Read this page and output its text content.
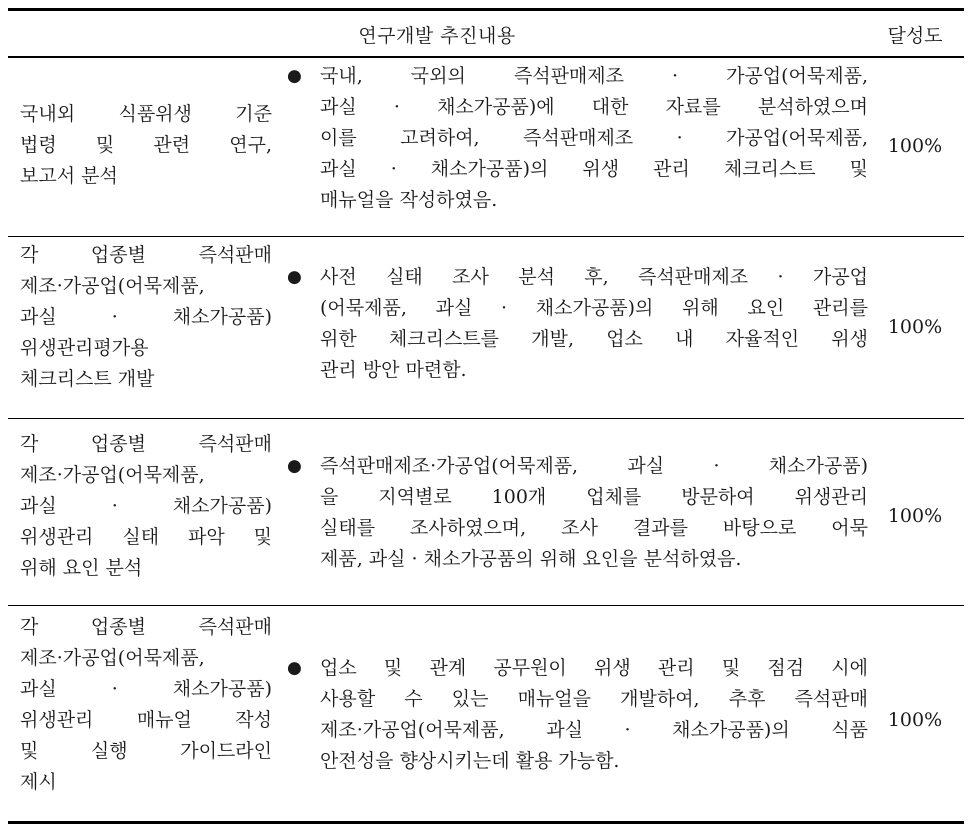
연구개발 추진내용	달성도
국내외 식품위생 기준
법령 및 관련 연구,
보고서 분석
● 국내, 국외의 즉석판매제조 · 가공업(어묵제품,
과실 · 채소가공품)에 대한 자료를 분석하였으며
이를 고려하여, 즉석판매제조 · 가공업(어묵제품,
과실 · 채소가공품)의 위생 관리 체크리스트 및
매뉴얼을 작성하였음.
100%
각 업종별 즉석판매
제조·가공업(어묵제품,
과실 · 채소가공품)
위생관리평가용
체크리스트 개발
● 사전 실태 조사 분석 후, 즉석판매제조 · 가공업
(어묵제품, 과실 · 채소가공품)의 위해 요인 관리를
위한 체크리스트를 개발, 업소 내 자율적인 위생
관리 방안 마련함.
100%
각 업종별 즉석판매
제조·가공업(어묵제품,
과실 · 채소가공품)
위생관리 실태 파악 및
위해 요인 분석
● 즉석판매제조·가공업(어묵제품, 과실 · 채소가공품)
을 지역별로 100개 업체를 방문하여 위생관리
실태를 조사하였으며, 조사 결과를 바탕으로 어묵
제품, 과실 · 채소가공품의 위해 요인을 분석하였음.
100%
각 업종별 즉석판매
제조·가공업(어묵제품,
과실 · 채소가공품)
위생관리 매뉴얼 작성
및 실행 가이드라인
제시
● 업소 및 관계 공무원이 위생 관리 및 점검 시에
사용할 수 있는 매뉴얼을 개발하여, 추후 즉석판매
제조·가공업(어묵제품, 과실 · 채소가공품)의 식품
안전성을 향상시키는데 활용 가능함.
100%
